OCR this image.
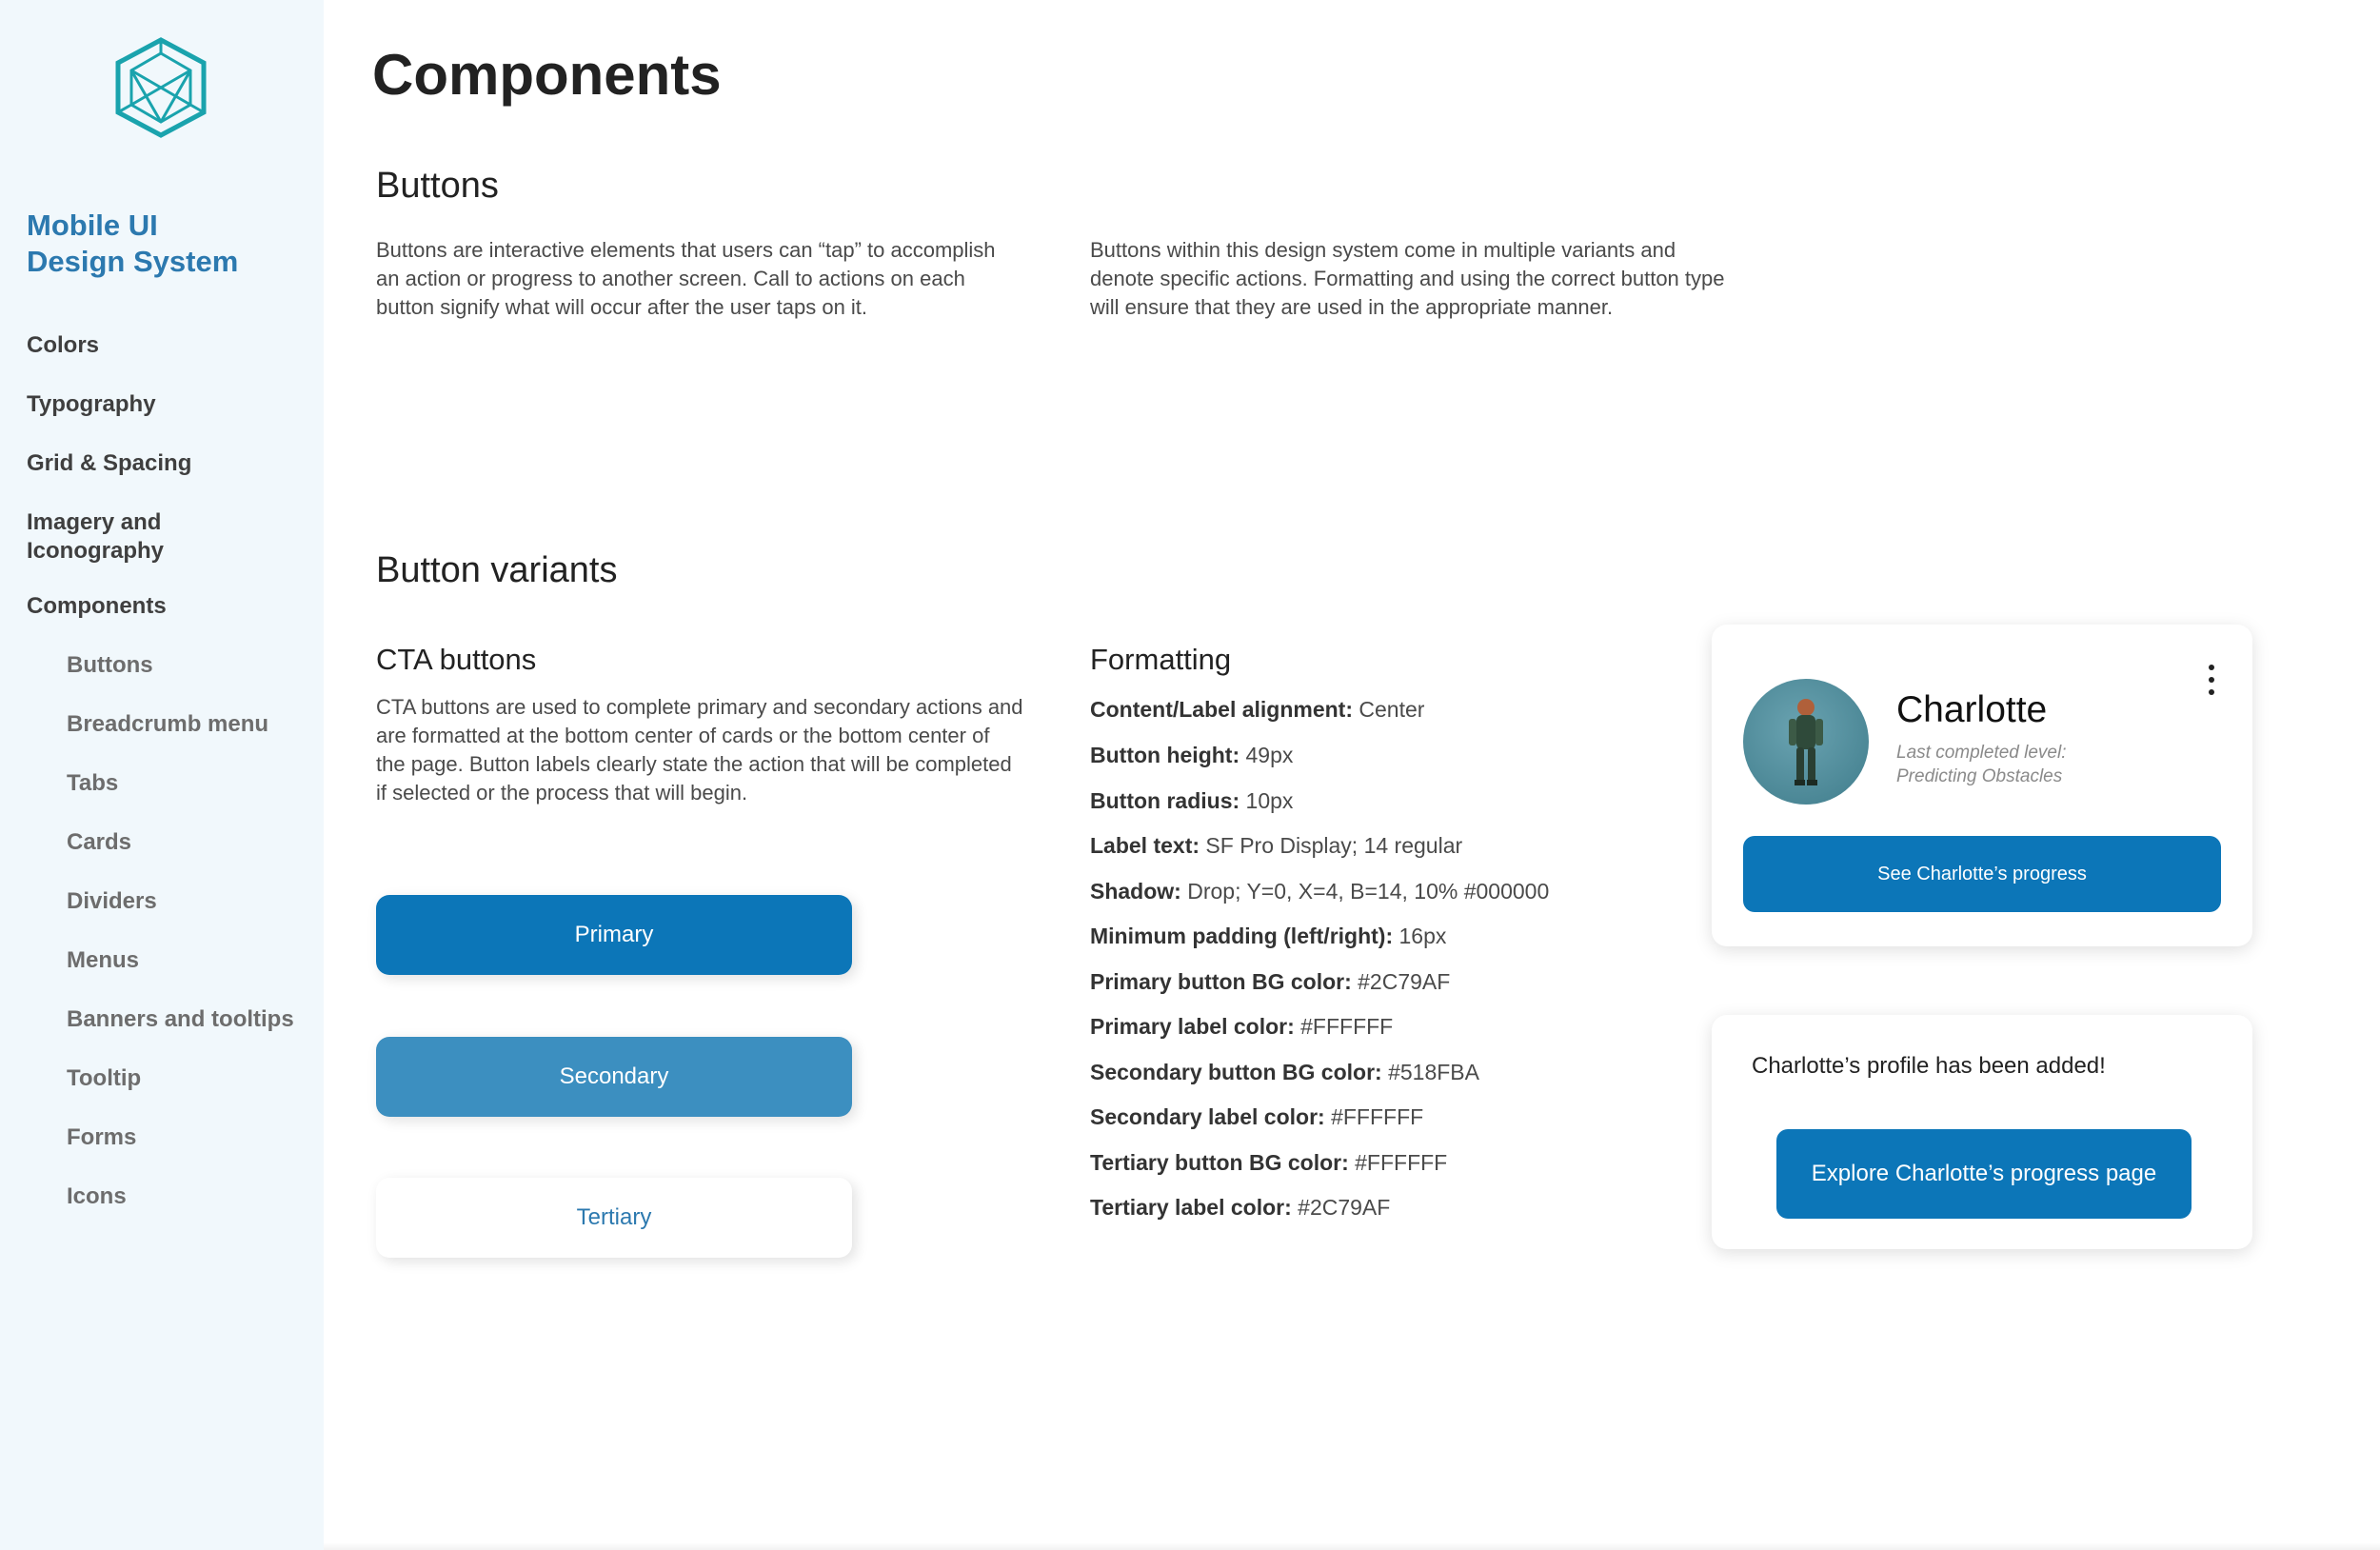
Mobile UI
Design System
Colors
Typography
Grid & Spacing
Imagery and
Iconography
Components
Buttons
Breadcrumb menu
Tabs
Cards
Dividers
Menus
Banners and tooltips
Tooltip
Forms
Icons
Components
Buttons
Buttons are interactive elements that users can “tap” to accomplish an action or progress to another screen. Call to actions on each button signify what will occur after the user taps on it.
Buttons within this design system come in multiple variants and denote specific actions. Formatting and using the correct button type will ensure that they are used in the appropriate manner.
Button variants
CTA buttons
CTA buttons are used to complete primary and secondary actions and are formatted at the bottom center of cards or the bottom center of the page. Button labels clearly state the action that will be completed if selected or the process that will begin.
Primary
Secondary
Tertiary
Formatting
Content/Label alignment: Center
Button height: 49px
Button radius: 10px
Label text: SF Pro Display; 14 regular
Shadow: Drop; Y=0, X=4, B=14, 10% #000000
Minimum padding (left/right): 16px
Primary button BG color: #2C79AF
Primary label color: #FFFFFF
Secondary button BG color: #518FBA
Secondary label color: #FFFFFF
Tertiary button BG color: #FFFFFF
Tertiary label color: #2C79AF
Charlotte
Last completed level:
Predicting Obstacles
See Charlotte’s progress
Charlotte’s profile has been added!
Explore Charlotte’s progress page
